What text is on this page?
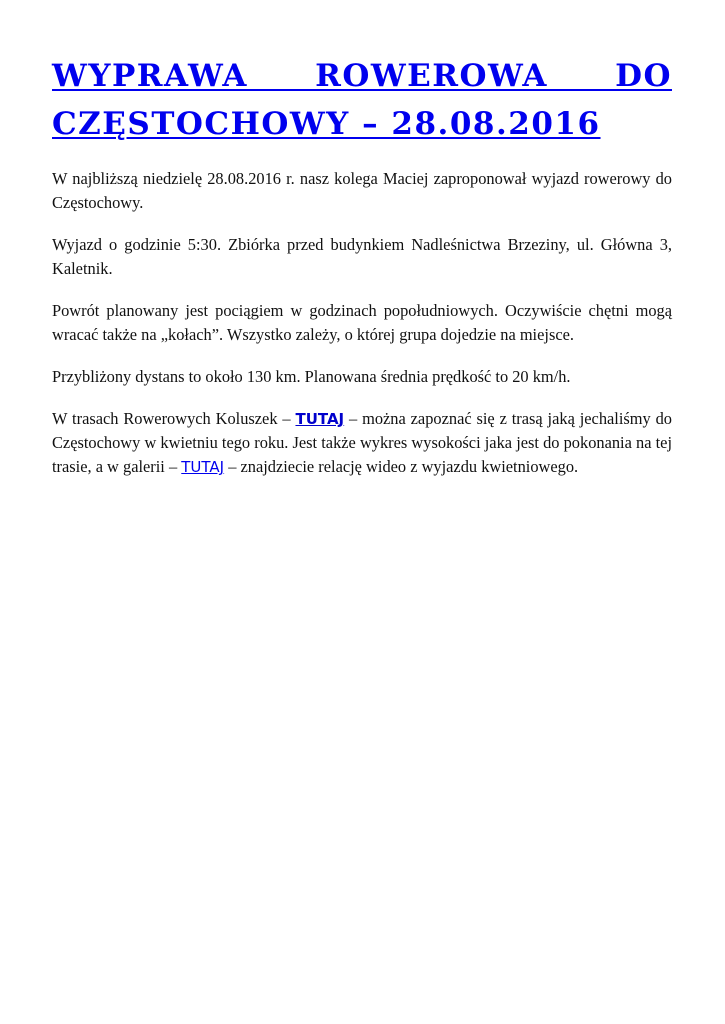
WYPRAWA ROWEROWA DO CZĘSTOCHOWY – 28.08.2016

W najbliższą niedzielę 28.08.2016 r. nasz kolega Maciej zaproponował wyjazd rowerowy do Częstochowy.

Wyjazd o godzinie 5:30. Zbiórka przed budynkiem Nadleśnictwa Brzeziny, ul. Główna 3, Kaletnik.

Powrót planowany jest pociągiem w godzinach popołudniowych. Oczywiście chętni mogą wracać także na „kołach”. Wszystko zależy, o której grupa dojedzie na miejsce.

Przybliżony dystans to około 130 km. Planowana średnia prędkość to 20 km/h.

W trasach Rowerowych Koluszek – TUTAJ – można zapoznać się z trasą jaką jechaliśmy do Częstochowy w kwietniu tego roku. Jest także wykres wysokości jaka jest do pokonania na tej trasie, a w galerii – TUTAJ – znajdziecie relację wideo z wyjazdu kwietniowego.
